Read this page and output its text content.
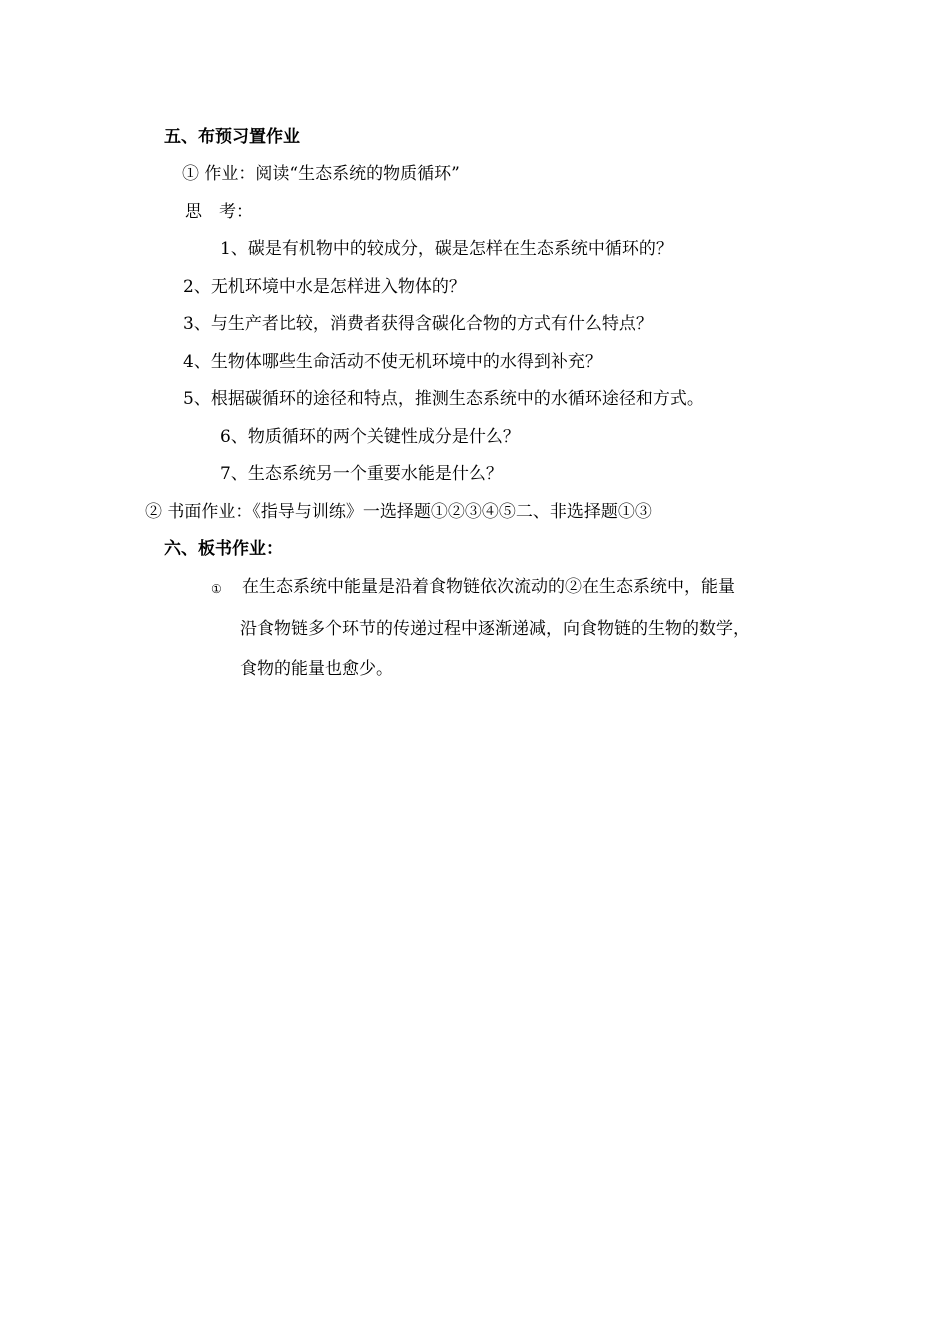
五、布预习置作业
① 作业：阅读“生态系统的物质循环”
思　考：
1、碳是有机物中的较成分，碳是怎样在生态系统中循环的？
2、无机环境中水是怎样进入物体的？
3、与生产者比较，消费者获得含碳化合物的方式有什么特点？
4、生物体哪些生命活动不使无机环境中的水得到补充？
5、根据碳循环的途径和特点，推测生态系统中的水循环途径和方式。
6、物质循环的两个关键性成分是什么？
7、生态系统另一个重要水能是什么？
② 书面作业：《指导与训练》一选择题①②③④⑤二、非选择题①③
六、板书作业：
① 在生态系统中能量是沿着食物链依次流动的②在生态系统中，能量
沿食物链多个环节的传递过程中逐渐递减，向食物链的生物的数学，
食物的能量也愈少。
